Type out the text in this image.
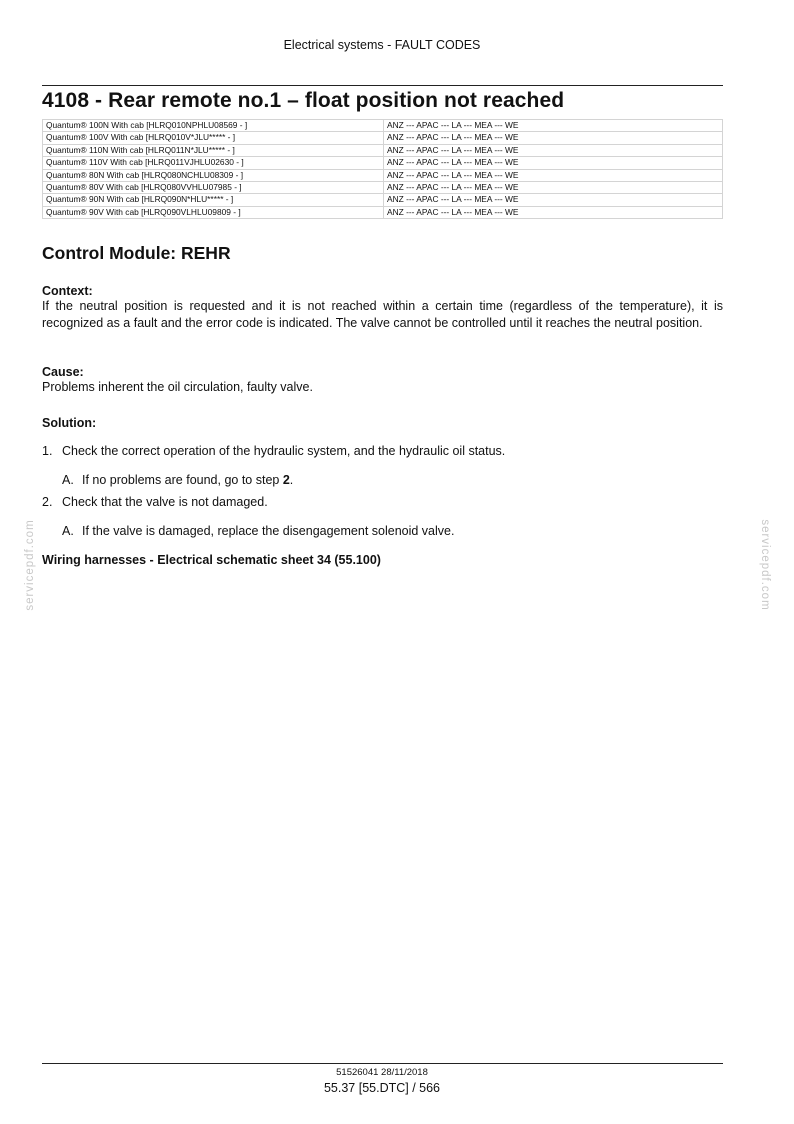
Electrical systems - FAULT CODES
4108 - Rear remote no.1 – float position not reached
Quantum® 100N With cab [HLRQ010NPHLU08569 - ]	ANZ --- APAC --- LA --- MEA --- WE
Quantum® 100V With cab [HLRQ010V*JLU***** - ]	ANZ --- APAC --- LA --- MEA --- WE
Quantum® 110N With cab [HLRQ011N*JLU***** - ]	ANZ --- APAC --- LA --- MEA --- WE
Quantum® 110V With cab [HLRQ011VJHLU02630 - ]	ANZ --- APAC --- LA --- MEA --- WE
Quantum® 80N With cab [HLRQ080NCHLU08309 - ]	ANZ --- APAC --- LA --- MEA --- WE
Quantum® 80V With cab [HLRQ080VVHLU07985 - ]	ANZ --- APAC --- LA --- MEA --- WE
Quantum® 90N With cab [HLRQ090N*HLU***** - ]	ANZ --- APAC --- LA --- MEA --- WE
Quantum® 90V With cab [HLRQ090VLHLU09809 - ]	ANZ --- APAC --- LA --- MEA --- WE
Control Module: REHR
Context:
If the neutral position is requested and it is not reached within a certain time (regardless of the temperature), it is recognized as a fault and the error code is indicated. The valve cannot be controlled until it reaches the neutral position.
Cause:
Problems inherent the oil circulation, faulty valve.
Solution:
1. Check the correct operation of the hydraulic system, and the hydraulic oil status.
A. If no problems are found, go to step 2.
2. Check that the valve is not damaged.
A. If the valve is damaged, replace the disengagement solenoid valve.
Wiring harnesses - Electrical schematic sheet 34 (55.100)
servicepdf.com	servicepdf.com
51526041 28/11/2018
55.37 [55.DTC] / 566
